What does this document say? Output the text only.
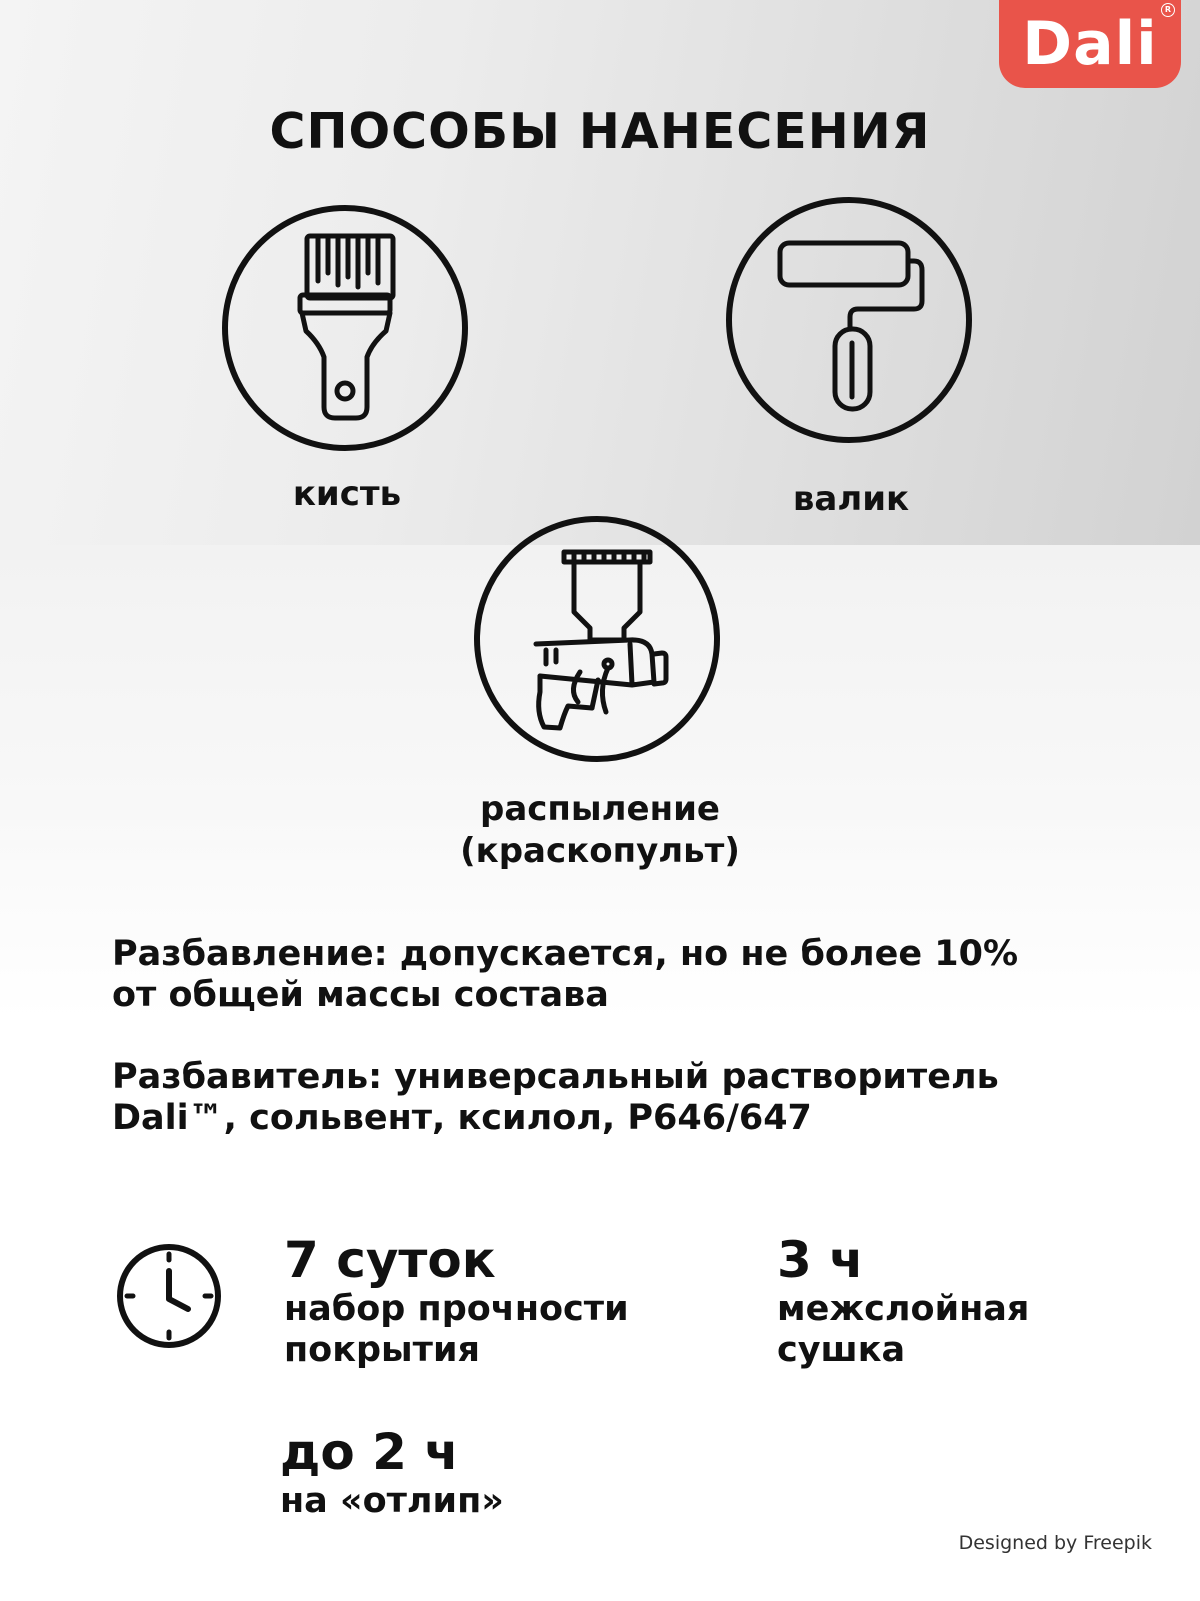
Dali R
СПОСОБЫ НАНЕСЕНИЯ
кисть	валик
распыление
(краскопульт)
Разбавление: допускается, но не более 10%
от общей массы состава
Разбавитель: универсальный растворитель
Dali™, сольвент, ксилол, Р646/647
7 суток
набор прочности
покрытия
3 ч
межслойная
сушка
до 2 ч
на «отлип»
Designed by Freepik
